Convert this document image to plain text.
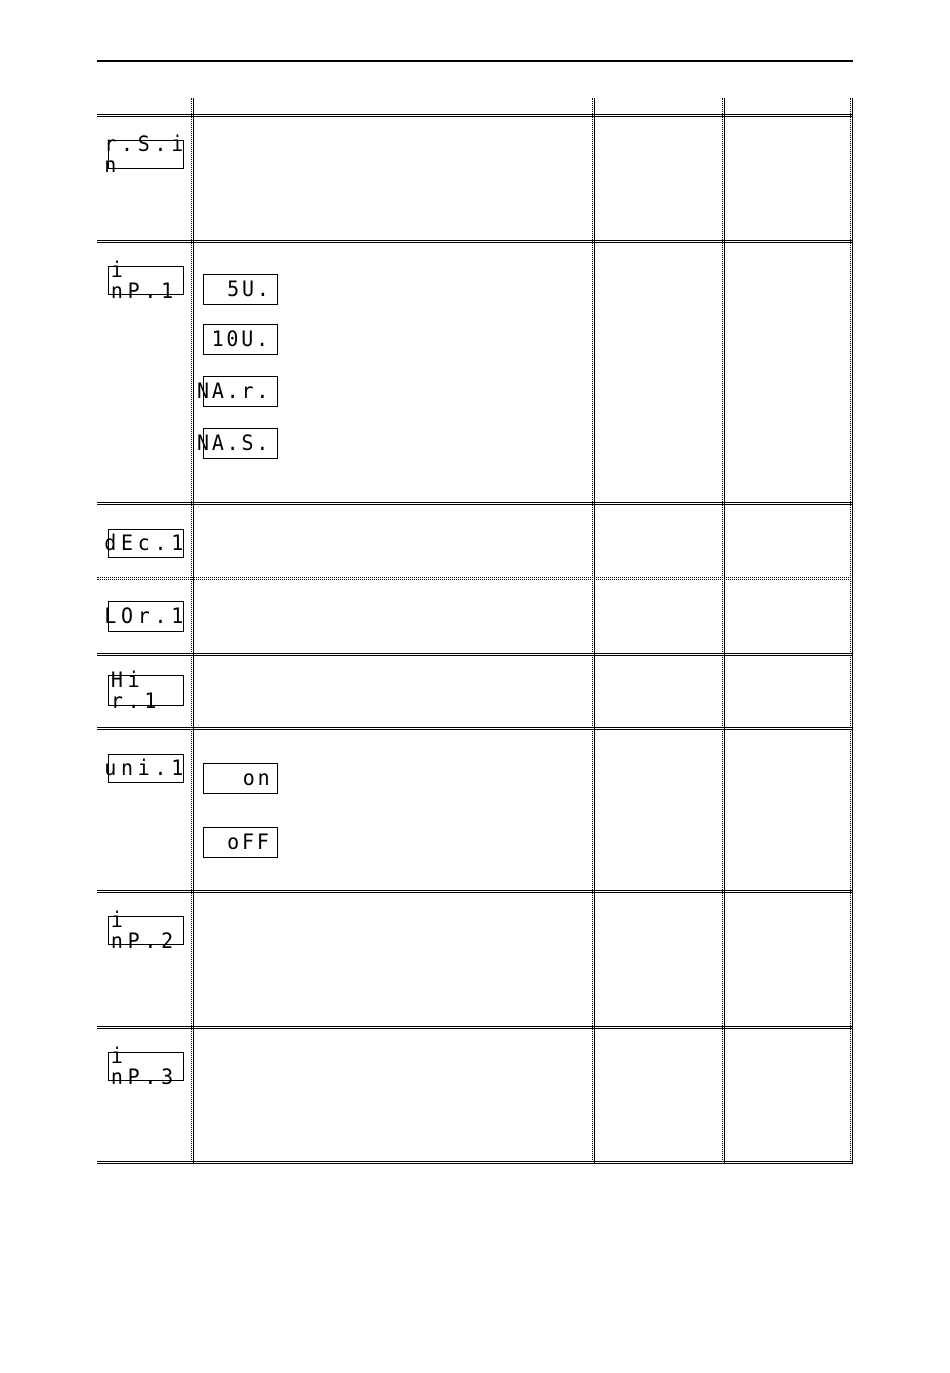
r.S.i n
i nP.1 5U.
10U.
NA.r.
NA.S.
dEc.1
LOr.1
Hi r.1
uni.1	on
oFF
i nP.2
i nP.3
